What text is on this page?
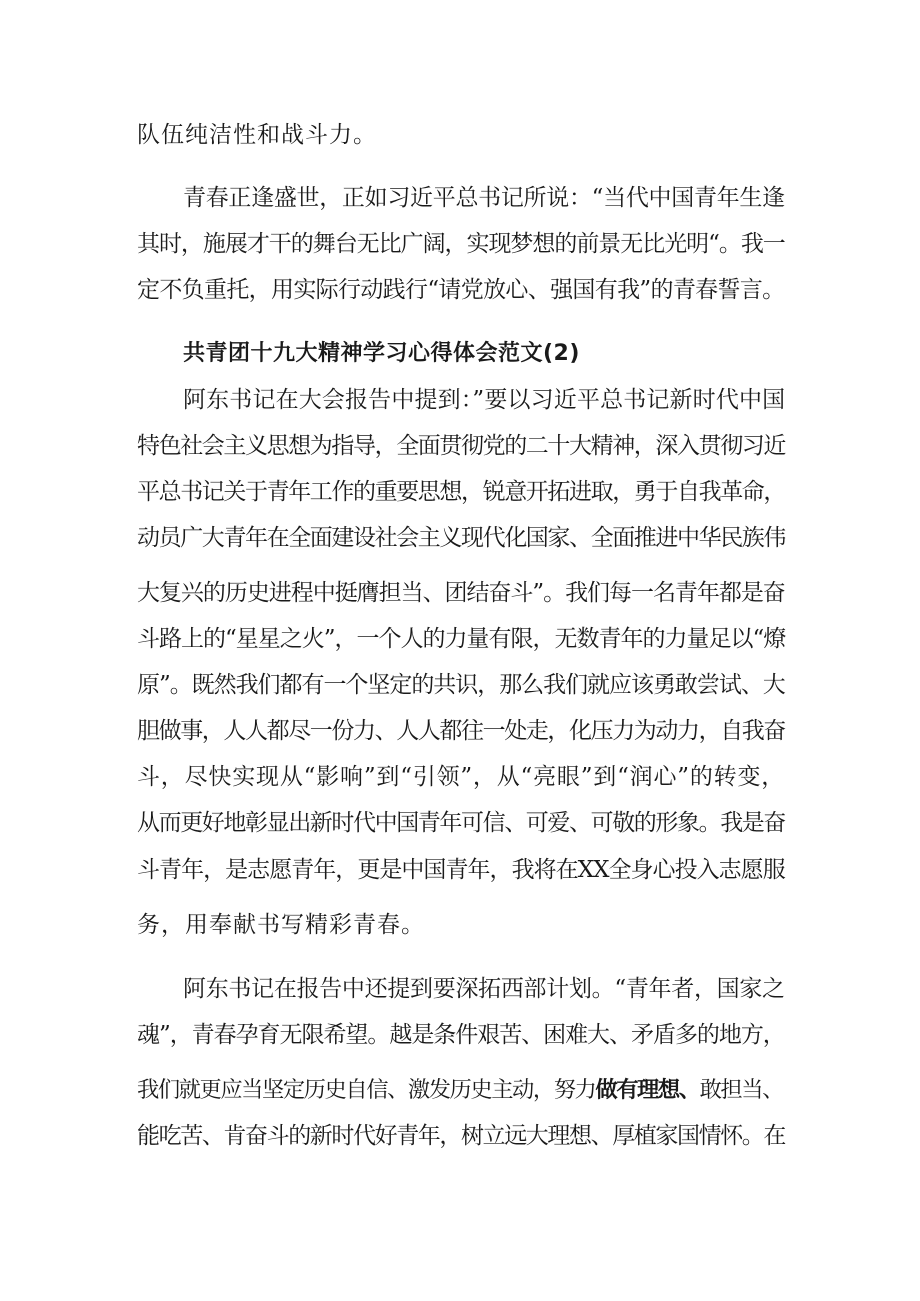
队伍纯洁性和战斗力。
青春正逢盛世，正如习近平总书记所说：“当代中国青年生逢
其时，施展才干的舞台无比广阔，实现梦想的前景无比光明“。我一
定不负重托，用实际行动践行“请党放心、强国有我”的青春誓言。
共青团十九大精神学习心得体会范文(2)
阿东书记在大会报告中提到：”要以习近平总书记新时代中国
特色社会主义思想为指导，全面贯彻党的二十大精神，深入贯彻习近
平总书记关于青年工作的重要思想，锐意开拓进取，勇于自我革命，
动员广大青年在全面建设社会主义现代化国家、全面推进中华民族伟
大复兴的历史进程中挺膺担当、团结奋斗”。我们每一名青年都是奋
斗路上的“星星之火”，一个人的力量有限，无数青年的力量足以“燎
原”。既然我们都有一个坚定的共识，那么我们就应该勇敢尝试、大
胆做事，人人都尽一份力、人人都往一处走，化压力为动力，自我奋
斗，尽快实现从“影响”到“引领”，从“亮眼”到“润心”的转变，
从而更好地彰显出新时代中国青年可信、可爱、可敬的形象。我是奋
斗青年，是志愿青年，更是中国青年，我将在XX全身心投入志愿服
务，用奉献书写精彩青春。
阿东书记在报告中还提到要深拓西部计划。“青年者，国家之
魂”，青春孕育无限希望。越是条件艰苦、困难大、矛盾多的地方，
我们就更应当坚定历史自信、激发历史主动，努力做有理想、敢担当、
能吃苦、肯奋斗的新时代好青年，树立远大理想、厚植家国情怀。在
